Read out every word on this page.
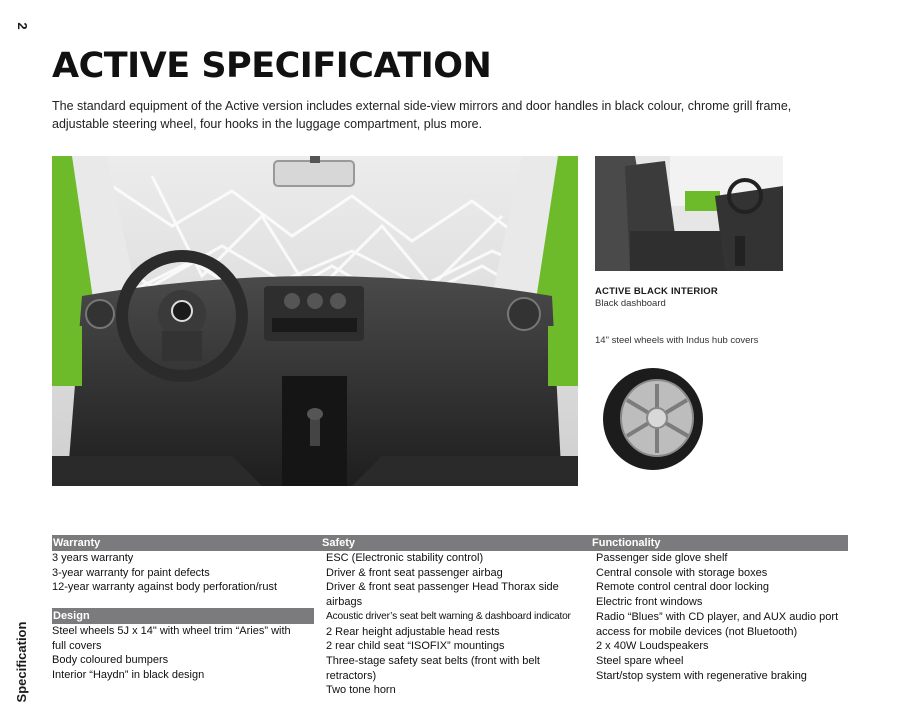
2
Specification
ACTIVE SPECIFICATION

The standard equipment of the Active version includes external side-view mirrors and door handles in black colour, chrome grill frame, adjustable steering wheel, four hooks in the luggage compartment, plus more.

ACTIVE BLACK INTERIOR
Black dashboard
14" steel wheels with Indus hub covers
Warranty	Safety	Functionality
3 years warranty
3-year warranty for paint defects
12-year warranty against body perforation/rust
Design
Steel wheels 5J x 14" with wheel trim “Aries” with full covers
Body coloured bumpers
Interior “Haydn” in black design
ESC (Electronic stability control)
Driver & front seat passenger airbag
Driver & front seat passenger Head Thorax side airbags
Acoustic driver’s seat belt warning & dashboard indicator
2 Rear height adjustable head rests
2 rear child seat “ISOFIX” mountings
Three-stage safety seat belts (front with belt retractors)
Two tone horn
Passenger side glove shelf
Central console with storage boxes
Remote control central door locking
Electric front windows
Radio “Blues” with CD player, and AUX audio port access for mobile devices (not Bluetooth)
2 x 40W Loudspeakers
Steel spare wheel
Start/stop system with regenerative braking
